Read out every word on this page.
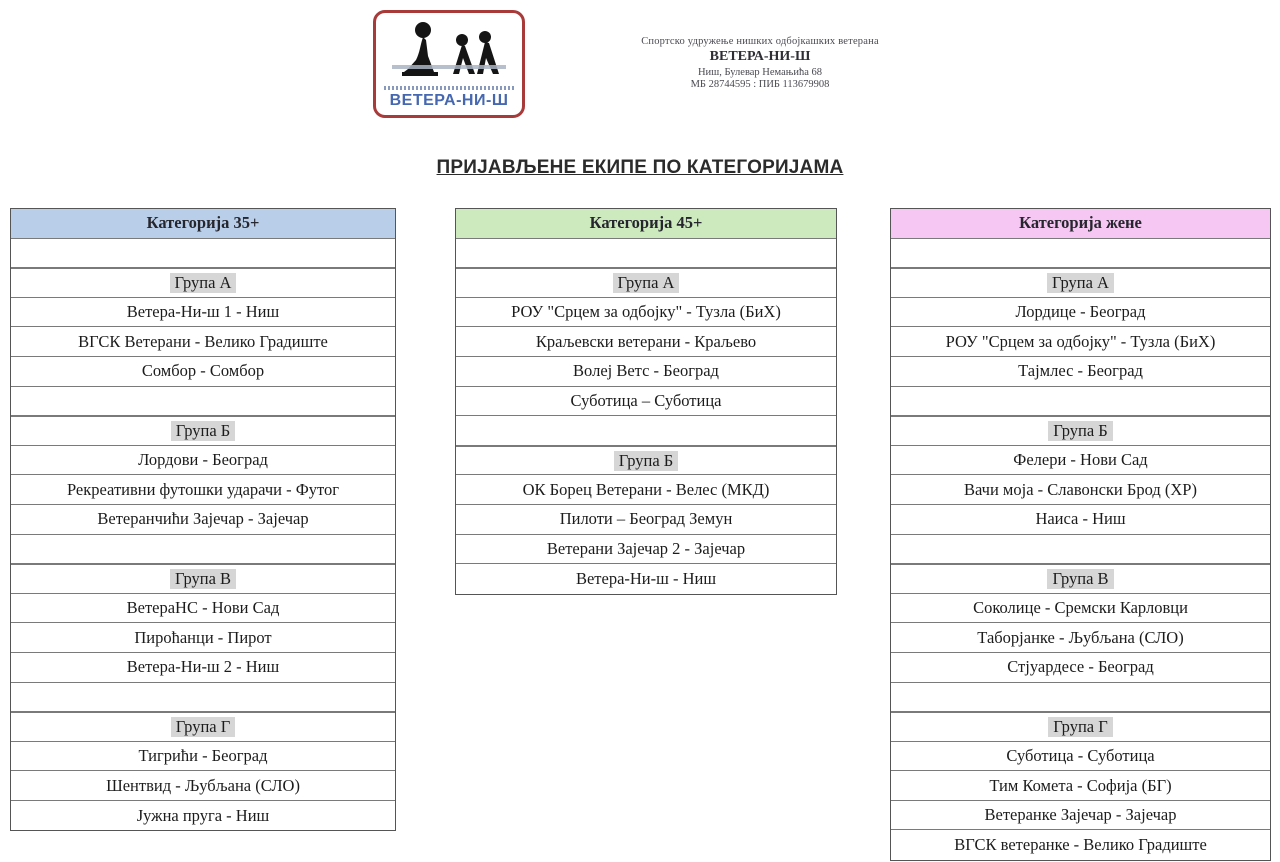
ВЕТЕРА-НИ-Ш
Спортско удружење нишких одбојкашких ветерана
ВЕТЕРА-НИ-Ш
Ниш, Булевар Немањића 68
МБ 28744595 : ПИБ 113679908
ПРИЈАВЉЕНЕ ЕКИПЕ ПО КАТЕГОРИЈАМА
Категорија 35+
Група А
Ветера-Ни-ш 1 - Ниш
ВГСК Ветерани - Велико Градиште
Сомбор - Сомбор
Група Б
Лордови - Београд
Рекреативни футошки ударачи - Футог
Ветеранчићи Зајечар - Зајечар
Група В
ВетераНС - Нови Сад
Пироћанци - Пирот
Ветера-Ни-ш 2 - Ниш
Група Г
Тигрићи - Београд
Шентвид - Љубљана (СЛО)
Јужна пруга - Ниш
Категорија 45+
Група А
РОУ "Срцем за одбојку" - Тузла (БиХ)
Краљевски ветерани - Краљево
Волеј Ветс - Београд
Суботица – Суботица
Група Б
ОК Борец Ветерани - Велес (МКД)
Пилоти – Београд Земун
Ветерани Зајечар 2 - Зајечар
Ветера-Ни-ш - Ниш
Категорија жене
Група А
Лордице - Београд
РОУ "Срцем за одбојку" - Тузла (БиХ)
Тајмлес - Београд
Група Б
Фелери - Нови Сад
Вачи моја - Славонски Брод (ХР)
Наиса - Ниш
Група В
Соколице - Сремски Карловци
Таборјанке - Љубљана (СЛО)
Стјуардесе - Београд
Група Г
Суботица - Суботица
Тим Комета - Софија (БГ)
Ветеранке Зајечар - Зајечар
ВГСК ветеранке - Велико Градиште
